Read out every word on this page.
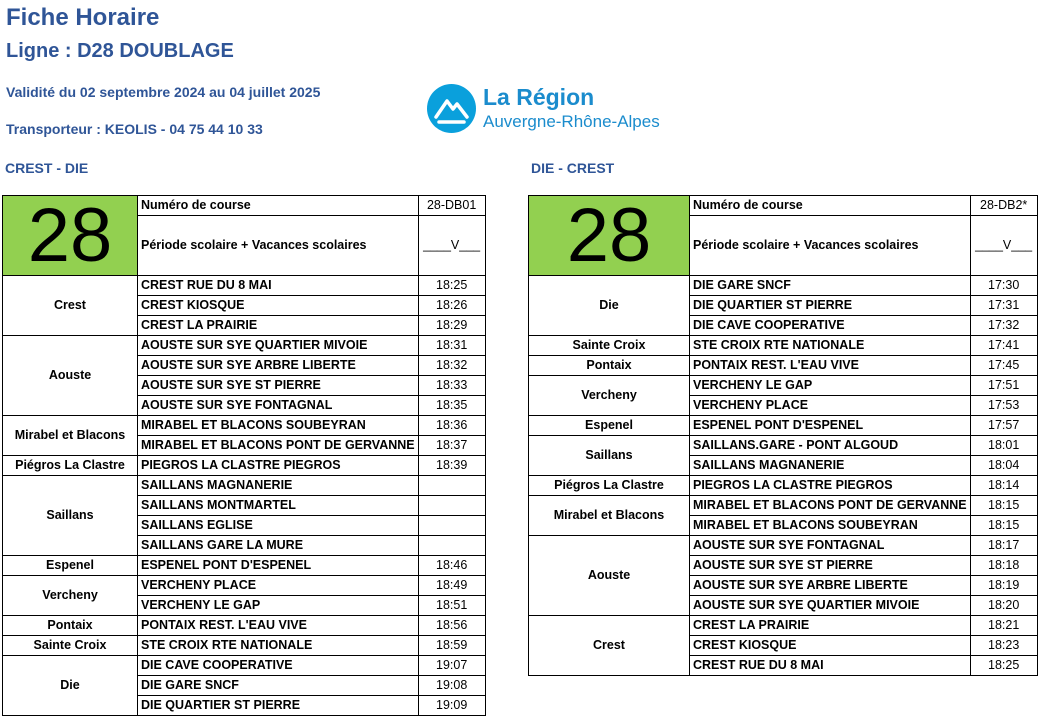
Fiche Horaire
Ligne : D28 DOUBLAGE
Validité du 02 septembre 2024 au 04 juillet 2025
Transporteur : KEOLIS - 04 75 44 10 33
La Région
Auvergne-Rhône-Alpes
CREST - DIE	DIE - CREST
28	Numéro de course	28-DB01
	Période scolaire + Vacances scolaires	____V___
Crest	CREST RUE DU 8 MAI	18:25
	CREST KIOSQUE	18:26
	CREST LA PRAIRIE	18:29
Aouste	AOUSTE SUR SYE QUARTIER MIVOIE	18:31
	AOUSTE SUR SYE ARBRE LIBERTE	18:32
	AOUSTE SUR SYE ST PIERRE	18:33
	AOUSTE SUR SYE FONTAGNAL	18:35
Mirabel et Blacons	MIRABEL ET BLACONS SOUBEYRAN	18:36
	MIRABEL ET BLACONS PONT DE GERVANNE	18:37
Piégros La Clastre	PIEGROS LA CLASTRE PIEGROS	18:39
Saillans	SAILLANS MAGNANERIE	
	SAILLANS MONTMARTEL	
	SAILLANS EGLISE	
	SAILLANS GARE LA MURE	
Espenel	ESPENEL PONT D'ESPENEL	18:46
Vercheny	VERCHENY PLACE	18:49
	VERCHENY LE GAP	18:51
Pontaix	PONTAIX REST. L'EAU VIVE	18:56
Sainte Croix	STE CROIX RTE NATIONALE	18:59
Die	DIE CAVE COOPERATIVE	19:07
	DIE GARE SNCF	19:08
	DIE QUARTIER ST PIERRE	19:09
28	Numéro de course	28-DB2*
	Période scolaire + Vacances scolaires	____V___
Die	DIE GARE SNCF	17:30
	DIE QUARTIER ST PIERRE	17:31
	DIE CAVE COOPERATIVE	17:32
Sainte Croix	STE CROIX RTE NATIONALE	17:41
Pontaix	PONTAIX REST. L'EAU VIVE	17:45
Vercheny	VERCHENY LE GAP	17:51
	VERCHENY PLACE	17:53
Espenel	ESPENEL PONT D'ESPENEL	17:57
Saillans	SAILLANS.GARE - PONT ALGOUD	18:01
	SAILLANS MAGNANERIE	18:04
Piégros La Clastre	PIEGROS LA CLASTRE PIEGROS	18:14
Mirabel et Blacons	MIRABEL ET BLACONS PONT DE GERVANNE	18:15
	MIRABEL ET BLACONS SOUBEYRAN	18:15
Aouste	AOUSTE SUR SYE FONTAGNAL	18:17
	AOUSTE SUR SYE ST PIERRE	18:18
	AOUSTE SUR SYE ARBRE LIBERTE	18:19
	AOUSTE SUR SYE QUARTIER MIVOIE	18:20
Crest	CREST LA PRAIRIE	18:21
	CREST KIOSQUE	18:23
	CREST RUE DU 8 MAI	18:25
